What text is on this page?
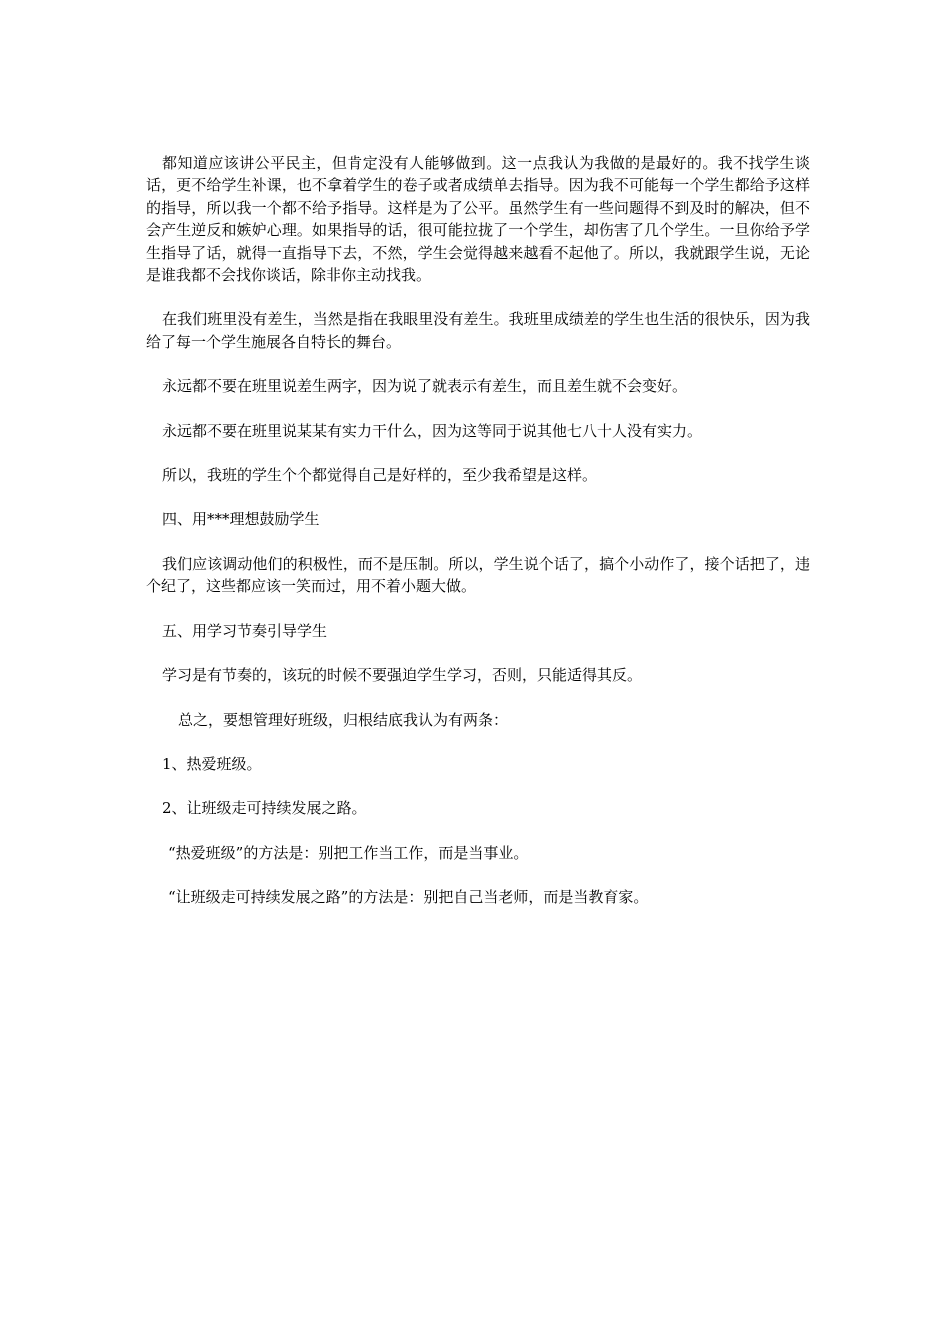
都知道应该讲公平民主，但肯定没有人能够做到。这一点我认为我做的是最好的。我不找学生谈话，更不给学生补课，也不拿着学生的卷子或者成绩单去指导。因为我不可能每一个学生都给予这样的指导，所以我一个都不给予指导。这样是为了公平。虽然学生有一些问题得不到及时的解决，但不会产生逆反和嫉妒心理。如果指导的话，很可能拉拢了一个学生，却伤害了几个学生。一旦你给予学生指导了话，就得一直指导下去，不然，学生会觉得越来越看不起他了。所以，我就跟学生说，无论是谁我都不会找你谈话，除非你主动找我。

在我们班里没有差生，当然是指在我眼里没有差生。我班里成绩差的学生也生活的很快乐，因为我给了每一个学生施展各自特长的舞台。

永远都不要在班里说差生两字，因为说了就表示有差生，而且差生就不会变好。

永远都不要在班里说某某有实力干什么，因为这等同于说其他七八十人没有实力。

所以，我班的学生个个都觉得自己是好样的，至少我希望是这样。

四、用***理想鼓励学生

我们应该调动他们的积极性，而不是压制。所以，学生说个话了，搞个小动作了，接个话把了，违个纪了，这些都应该一笑而过，用不着小题大做。

五、用学习节奏引导学生

学习是有节奏的，该玩的时候不要强迫学生学习，否则，只能适得其反。

总之，要想管理好班级，归根结底我认为有两条：

1、热爱班级。

2、让班级走可持续发展之路。

“热爱班级”的方法是：别把工作当工作，而是当事业。

“让班级走可持续发展之路”的方法是：别把自己当老师，而是当教育家。
